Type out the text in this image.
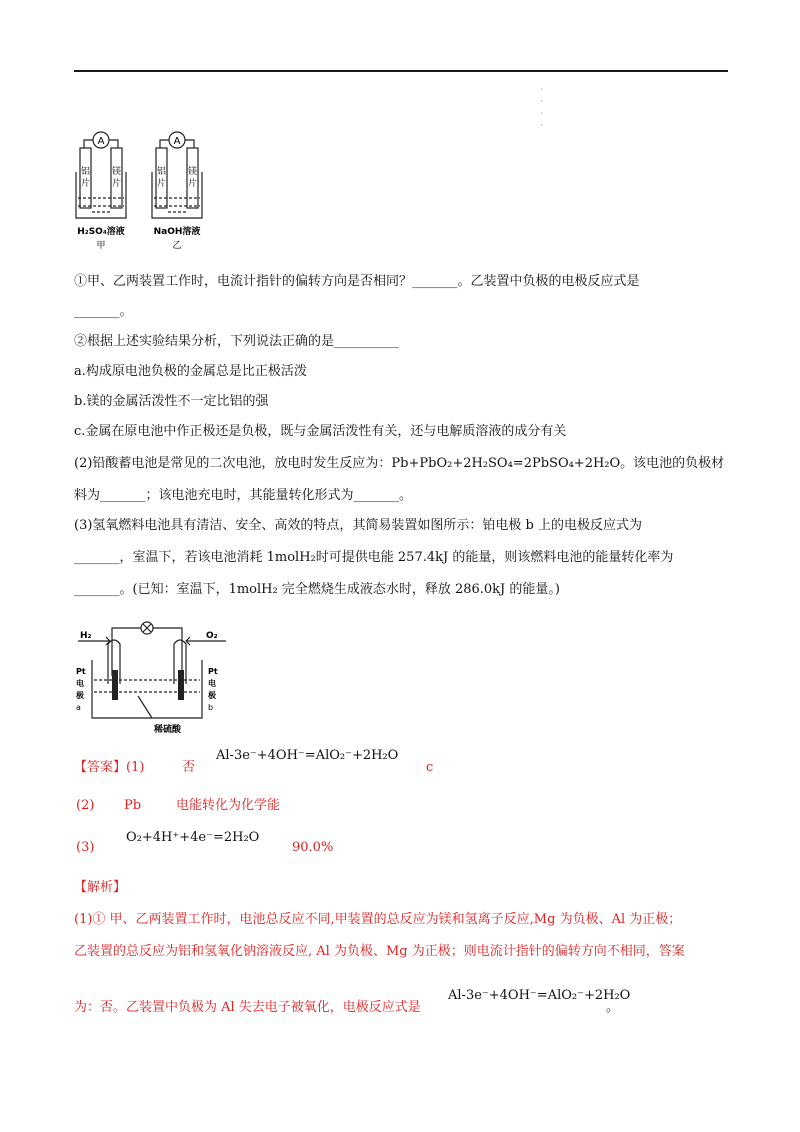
·
·
·
·
A	A
铝
片
镁
片
铝
片
镁
片
H₂SO₄溶液
甲
NaOH溶液
乙
①甲、乙两装置工作时，电流计指针的偏转方向是否相同？_______。乙装置中负极的电极反应式是
_______。
②根据上述实验结果分析，下列说法正确的是__________
a.构成原电池负极的金属总是比正极活泼
b.镁的金属活泼性不一定比铝的强
c.金属在原电池中作正极还是负极，既与金属活泼性有关，还与电解质溶液的成分有关
(2)铅酸蓄电池是常见的二次电池，放电时发生反应为：Pb+PbO₂+2H₂SO₄=2PbSO₄+2H₂O。该电池的负极材
料为_______；该电池充电时，其能量转化形式为_______。
(3)氢氧燃料电池具有清洁、安全、高效的特点，其简易装置如图所示：铂电极 b 上的电极反应式为
_______，室温下，若该电池消耗 1molH₂时可提供电能 257.4kJ 的能量，则该燃料电池的能量转化率为
_______。(已知：室温下，1molH₂ 完全燃烧生成液态水时，释放 286.0kJ 的能量。)
H₂	O₂
Pt
电
极
a
Pt
电
极
b
稀硫酸
【答案】(1)	否
Al-3e⁻+4OH⁻=AlO₂⁻+2H₂O
c
(2) Pb	电能转化为化学能
(3)
O₂+4H⁺+4e⁻=2H₂O
90.0%
【解析】
(1)① 甲、乙两装置工作时，电池总反应不同,甲装置的总反应为镁和氢离子反应,Mg 为负极、Al 为正极；
乙装置的总反应为铝和氢氧化钠溶液反应, Al 为负极、Mg 为正极；则电流计指针的偏转方向不相同，答案
为：否。乙装置中负极为 Al 失去电子被氧化，电极反应式是
Al-3e⁻+4OH⁻=AlO₂⁻+2H₂O
。
